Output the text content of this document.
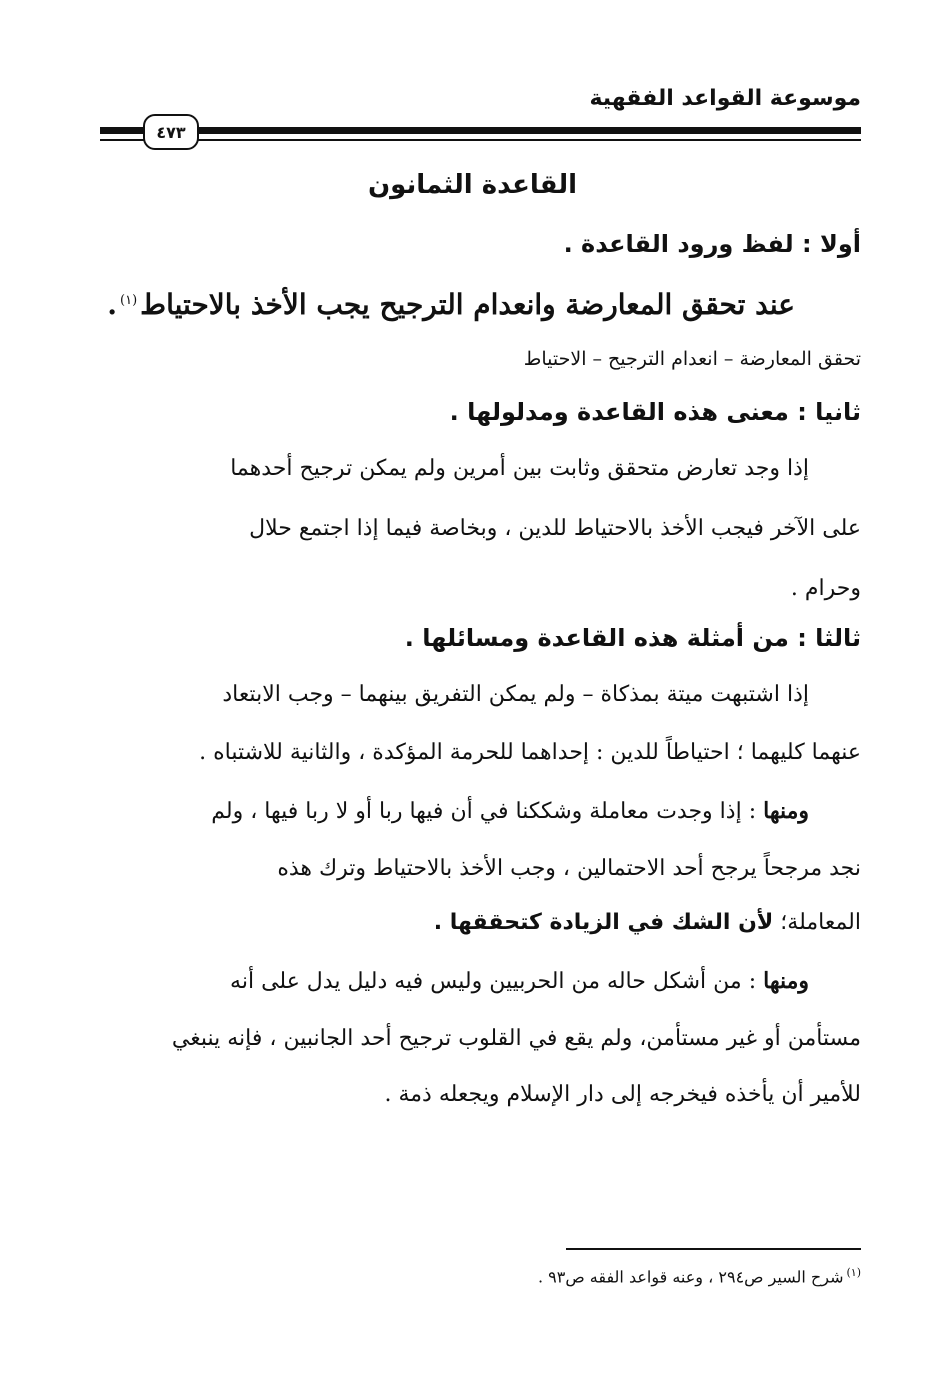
موسوعة القواعد الفقهية
٤٧٣
القاعدة الثمانون
أولا : لفظ ورود القاعدة .
عند تحقق المعارضة وانعدام الترجيح يجب الأخذ بالاحتياط$^{(١)}$.
تحقق المعارضة – انعدام الترجيح – الاحتياط
ثانيا : معنى هذه القاعدة ومدلولها .
إذا وجد تعارض متحقق وثابت بين أمرين ولم يمكن ترجيح أحدهما
على الآخر فيجب الأخذ بالاحتياط للدين ، وبخاصة فيما إذا اجتمع حلال
وحرام .
ثالثا : من أمثلة هذه القاعدة ومسائلها .
إذا اشتبهت ميتة بمذكاة – ولم يمكن التفريق بينهما – وجب الابتعاد
عنهما كليهما ؛ احتياطاً للدين : إحداهما للحرمة المؤكدة ، والثانية للاشتباه .
ومنها : إذا وجدت معاملة وشككنا في أن فيها ربا أو لا ربا فيها ، ولم
نجد مرجحاً يرجح أحد الاحتمالين ، وجب الأخذ بالاحتياط وترك هذه
المعاملة؛ لأن الشك في الزيادة كتحققها .
ومنها : من أشكل حاله من الحربيين وليس فيه دليل يدل على أنه
مستأمن أو غير مستأمن، ولم يقع في القلوب ترجيح أحد الجانبين ، فإنه ينبغي
للأمير أن يأخذه فيخرجه إلى دار الإسلام ويجعله ذمة .
$^{(١)}$شرح السير ص٢٩٤ ، وعنه قواعد الفقه ص٩٣ .
